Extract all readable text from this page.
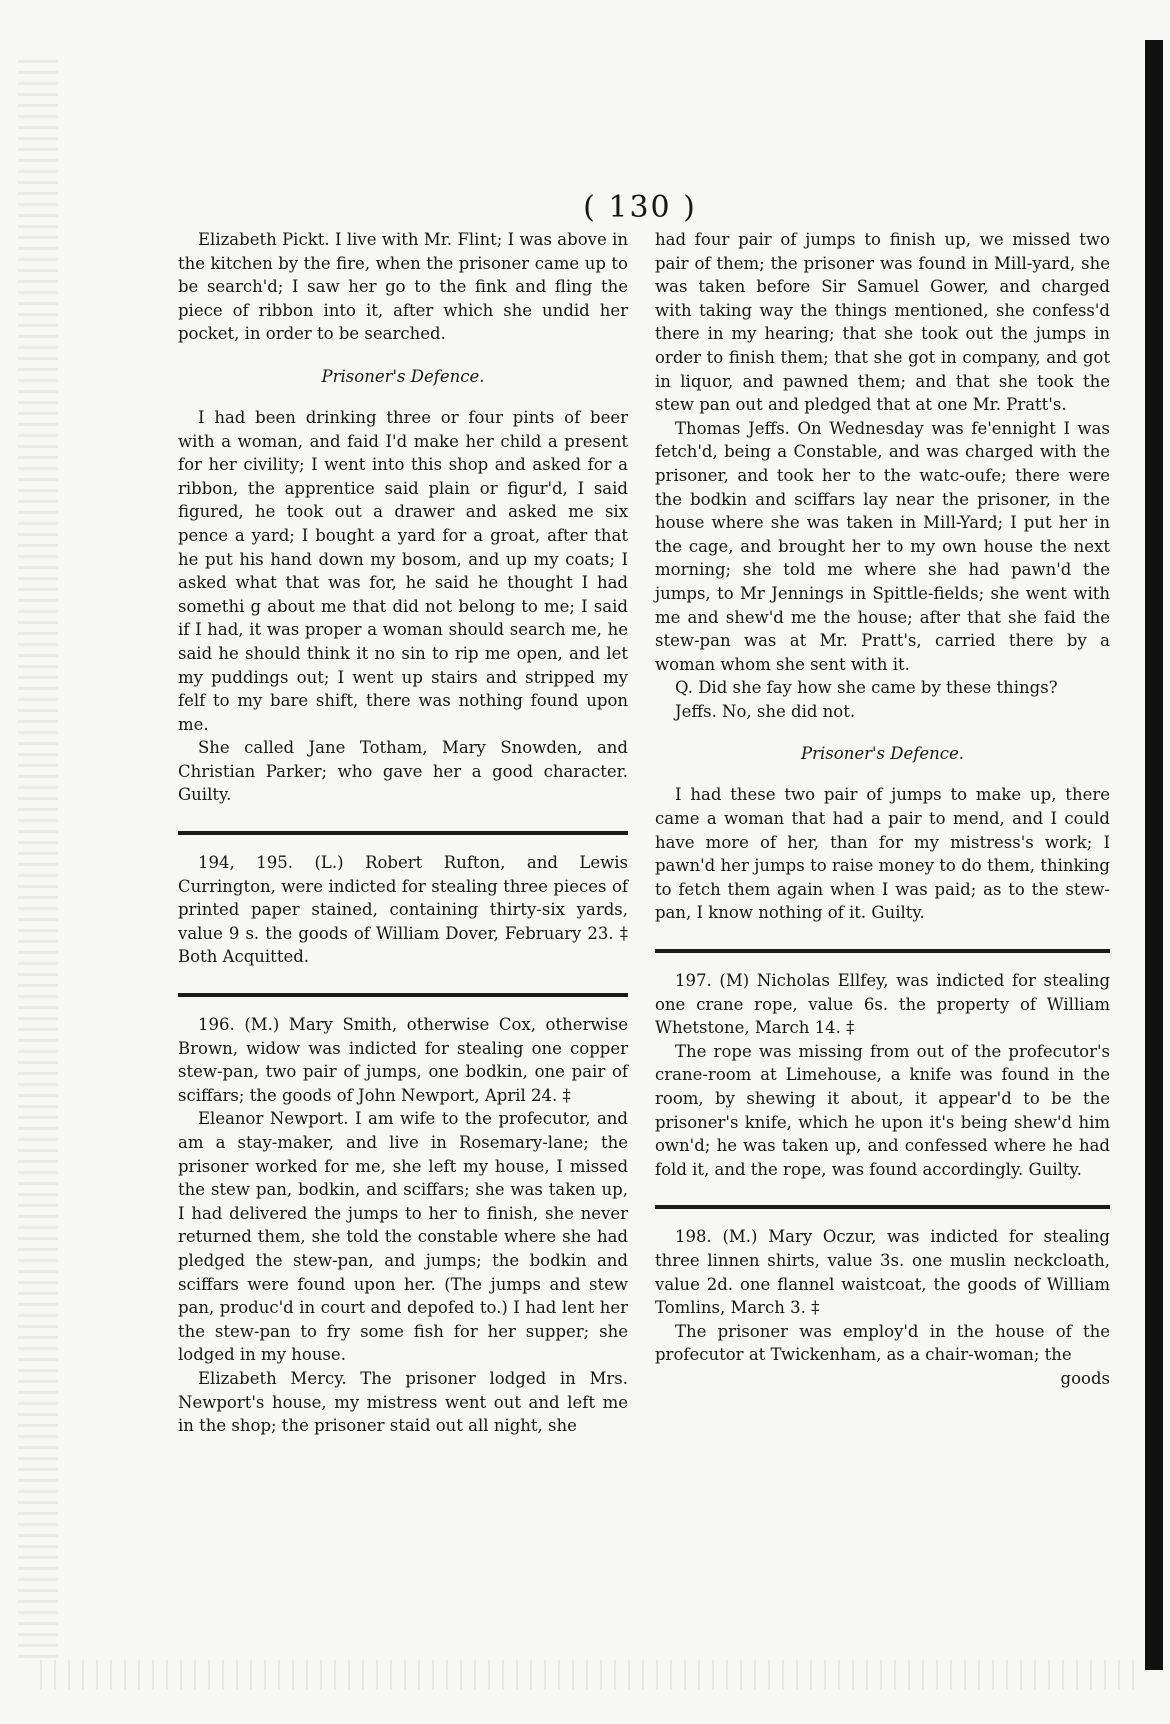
( 130 )

Elizabeth Pickt. I live with Mr. Flint; I was above in the kitchen by the fire, when the prisoner came up to be search'd; I saw her go to the fink and fling the piece of ribbon into it, after which she undid her pocket, in order to be searched.

Prisoner's Defence.

I had been drinking three or four pints of beer with a woman, and faid I'd make her child a present for her civility; I went into this shop and asked for a ribbon, the apprentice said plain or figur'd, I said figured, he took out a drawer and asked me six pence a yard; I bought a yard for a groat, after that he put his hand down my bosom, and up my coats; I asked what that was for, he said he thought I had somethi g about me that did not belong to me; I said if I had, it was proper a woman should search me, he said he should think it no sin to rip me open, and let my puddings out; I went up stairs and stripped my felf to my bare shift, there was nothing found upon me.

She called Jane Totham, Mary Snowden, and Christian Parker; who gave her a good character. Guilty.

194, 195. (L.) Robert Rufton, and Lewis Currington, were indicted for stealing three pieces of printed paper stained, containing thirty-six yards, value 9 s. the goods of William Dover, February 23. ‡ Both Acquitted.

196. (M.) Mary Smith, otherwise Cox, otherwise Brown, widow was indicted for stealing one copper stew-pan, two pair of jumps, one bodkin, one pair of sciffars; the goods of John Newport, April 24. ‡

Eleanor Newport. I am wife to the profecutor, and am a stay-maker, and live in Rosemary-lane; the prisoner worked for me, she left my house, I missed the stew pan, bodkin, and sciffars; she was taken up, I had delivered the jumps to her to finish, she never returned them, she told the constable where she had pledged the stew-pan, and jumps; the bodkin and sciffars were found upon her. (The jumps and stew pan, produc'd in court and depofed to.) I had lent her the stew-pan to fry some fish for her supper; she lodged in my house.

Elizabeth Mercy. The prisoner lodged in Mrs. Newport's house, my mistress went out and left me in the shop; the prisoner staid out all night, she

had four pair of jumps to finish up, we missed two pair of them; the prisoner was found in Mill-yard, she was taken before Sir Samuel Gower, and charged with taking way the things mentioned, she confess'd there in my hearing; that she took out the jumps in order to finish them; that she got in company, and got in liquor, and pawned them; and that she took the stew pan out and pledged that at one Mr. Pratt's.

Thomas Jeffs. On Wednesday was fe'ennight I was fetch'd, being a Constable, and was charged with the prisoner, and took her to the watc-oufe; there were the bodkin and sciffars lay near the prisoner, in the house where she was taken in Mill-Yard; I put her in the cage, and brought her to my own house the next morning; she told me where she had pawn'd the jumps, to Mr Jennings in Spittle-fields; she went with me and shew'd me the house; after that she faid the stew-pan was at Mr. Pratt's, carried there by a woman whom she sent with it.

Q. Did she fay how she came by these things?

Jeffs. No, she did not.

Prisoner's Defence.

I had these two pair of jumps to make up, there came a woman that had a pair to mend, and I could have more of her, than for my mistress's work; I pawn'd her jumps to raise money to do them, thinking to fetch them again when I was paid; as to the stew-pan, I know nothing of it. Guilty.

197. (M) Nicholas Ellfey, was indicted for stealing one crane rope, value 6s. the property of William Whetstone, March 14. ‡

The rope was missing from out of the profecutor's crane-room at Limehouse, a knife was found in the room, by shewing it about, it appear'd to be the prisoner's knife, which he upon it's being shew'd him own'd; he was taken up, and confessed where he had fold it, and the rope, was found accordingly. Guilty.

198. (M.) Mary Oczur, was indicted for stealing three linnen shirts, value 3s. one muslin neckcloath, value 2d. one flannel waistcoat, the goods of William Tomlins, March 3. ‡

The prisoner was employ'd in the house of the profecutor at Twickenham, as a chair-woman; the

goods
